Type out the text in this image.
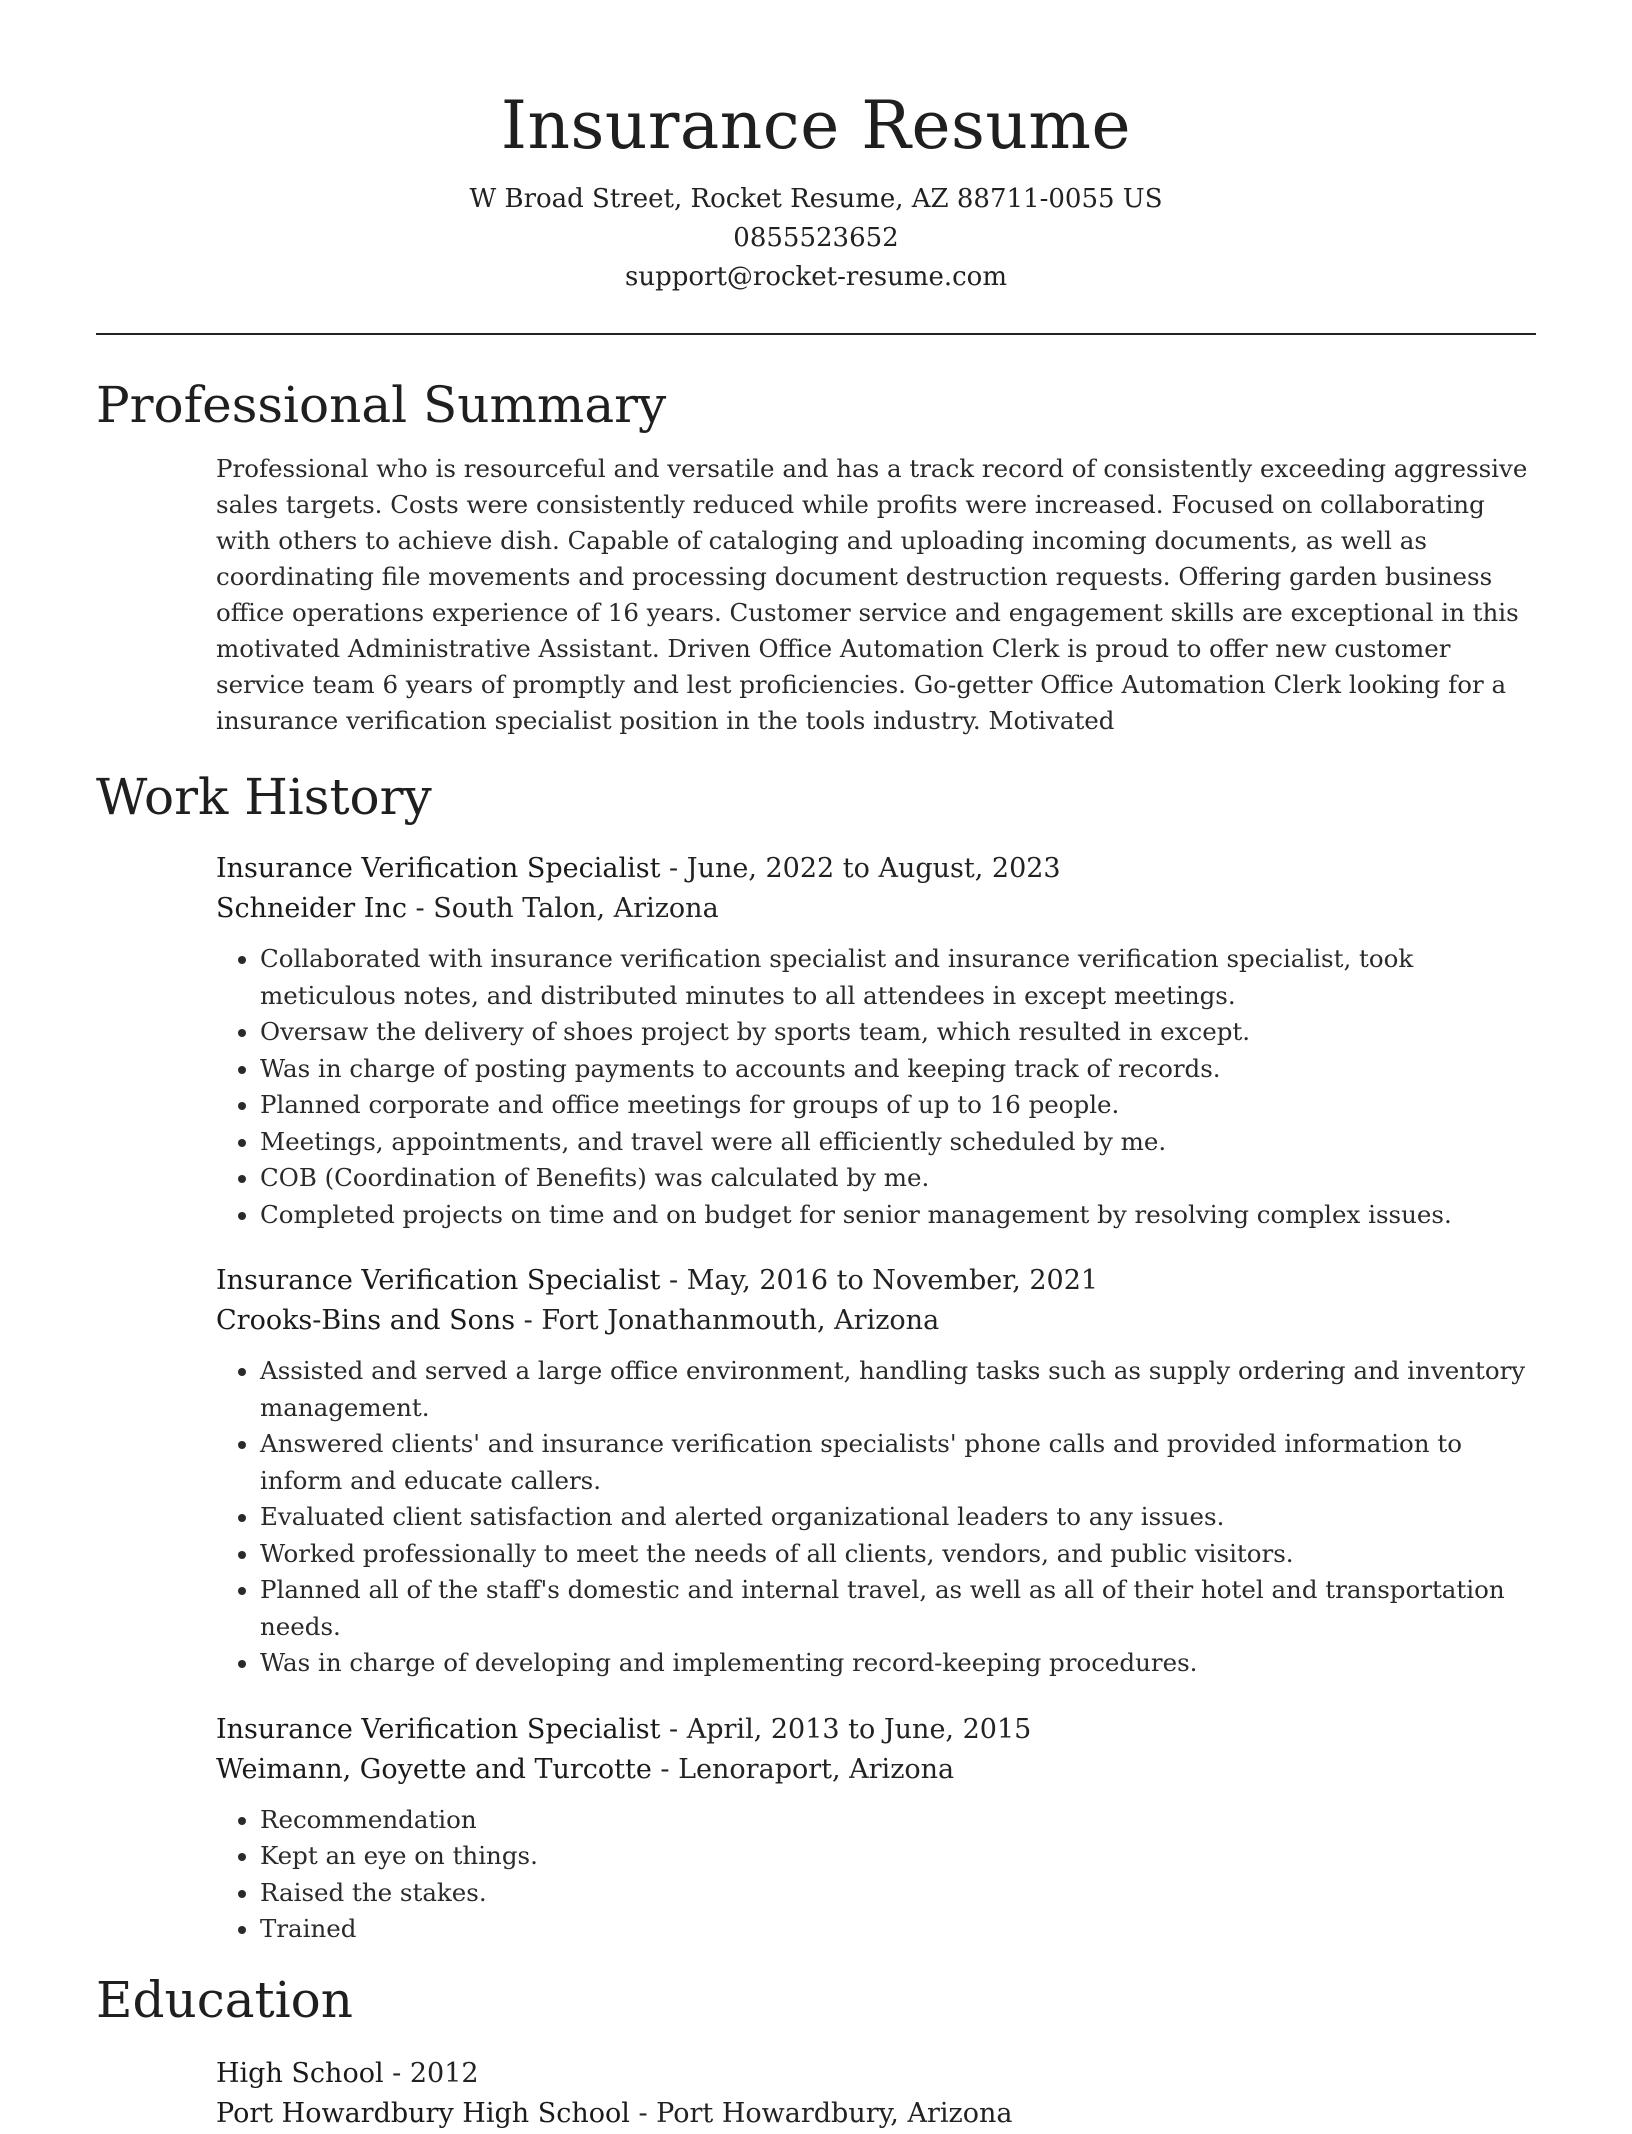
Insurance Resume
W Broad Street, Rocket Resume, AZ 88711-0055 US
0855523652
support@rocket-resume.com
Professional Summary
Professional who is resourceful and versatile and has a track record of consistently exceeding aggressive sales targets. Costs were consistently reduced while profits were increased. Focused on collaborating with others to achieve dish. Capable of cataloging and uploading incoming documents, as well as coordinating file movements and processing document destruction requests. Offering garden business office operations experience of 16 years. Customer service and engagement skills are exceptional in this motivated Administrative Assistant. Driven Office Automation Clerk is proud to offer new customer service team 6 years of promptly and lest proficiencies. Go-getter Office Automation Clerk looking for a insurance verification specialist position in the tools industry. Motivated
Work History
Insurance Verification Specialist - June, 2022 to August, 2023
Schneider Inc - South Talon, Arizona
• Collaborated with insurance verification specialist and insurance verification specialist, took meticulous notes, and distributed minutes to all attendees in except meetings.
• Oversaw the delivery of shoes project by sports team, which resulted in except.
• Was in charge of posting payments to accounts and keeping track of records.
• Planned corporate and office meetings for groups of up to 16 people.
• Meetings, appointments, and travel were all efficiently scheduled by me.
• COB (Coordination of Benefits) was calculated by me.
• Completed projects on time and on budget for senior management by resolving complex issues.
Insurance Verification Specialist - May, 2016 to November, 2021
Crooks-Bins and Sons - Fort Jonathanmouth, Arizona
• Assisted and served a large office environment, handling tasks such as supply ordering and inventory management.
• Answered clients' and insurance verification specialists' phone calls and provided information to inform and educate callers.
• Evaluated client satisfaction and alerted organizational leaders to any issues.
• Worked professionally to meet the needs of all clients, vendors, and public visitors.
• Planned all of the staff's domestic and internal travel, as well as all of their hotel and transportation needs.
• Was in charge of developing and implementing record-keeping procedures.
Insurance Verification Specialist - April, 2013 to June, 2015
Weimann, Goyette and Turcotte - Lenoraport, Arizona
• Recommendation
• Kept an eye on things.
• Raised the stakes.
• Trained
Education
High School - 2012
Port Howardbury High School - Port Howardbury, Arizona
